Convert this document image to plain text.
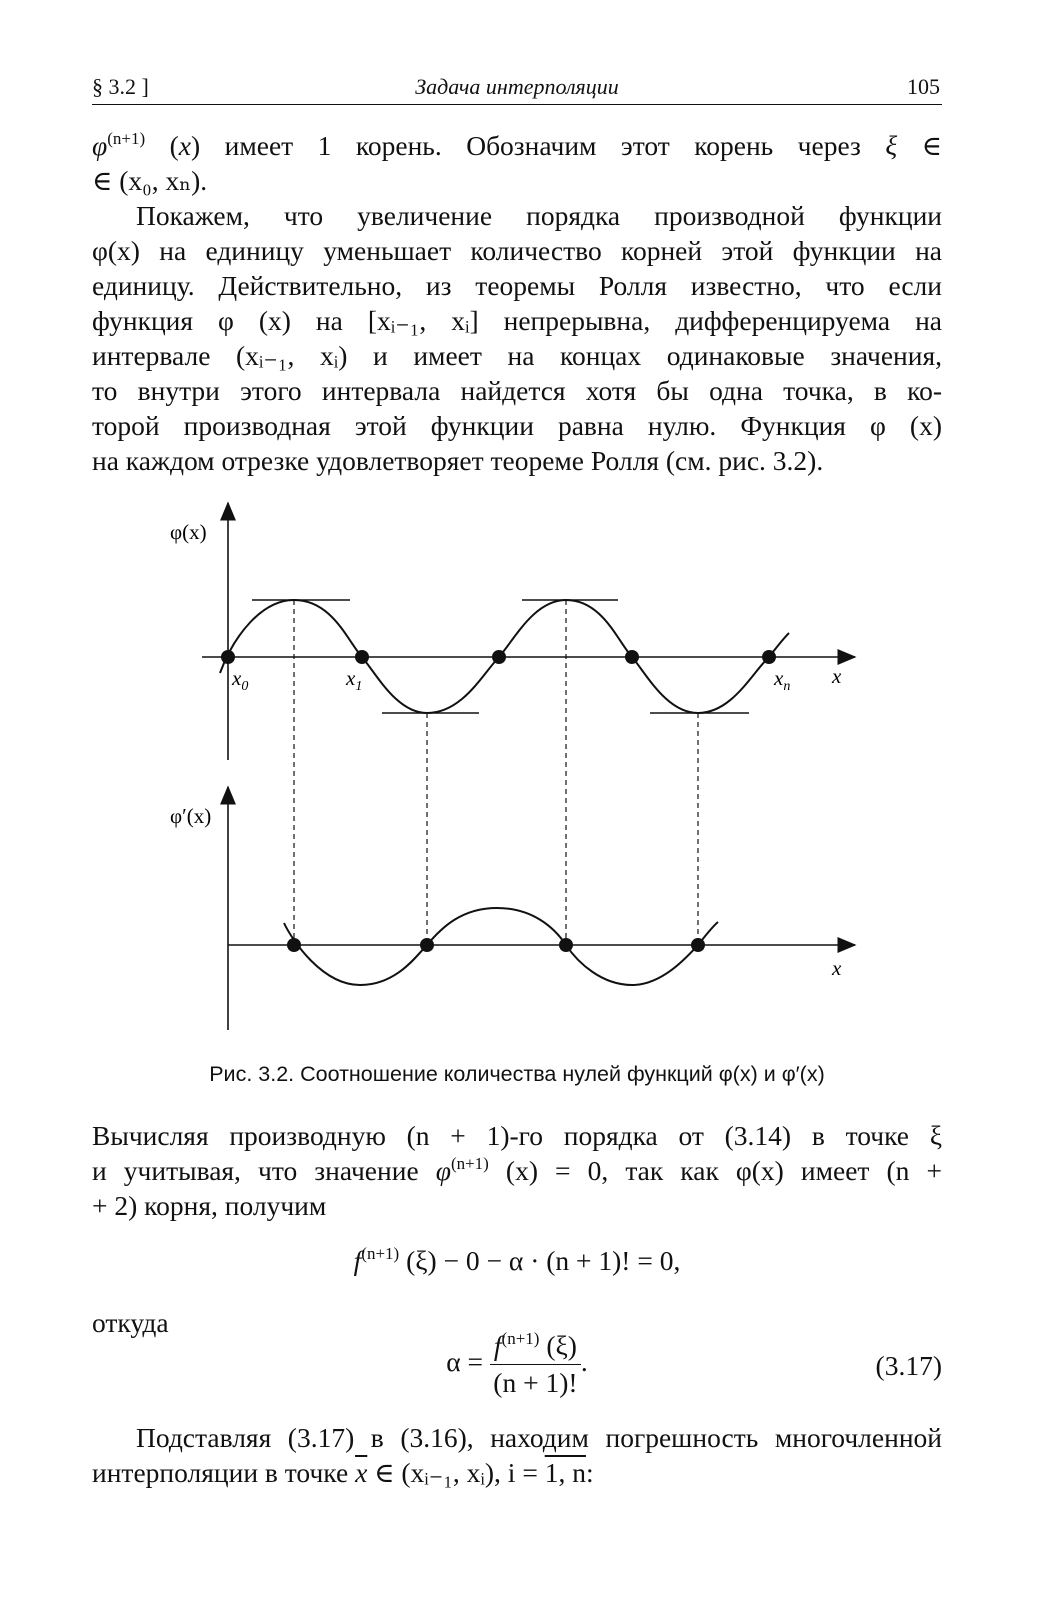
§ 3.2 ]	Задача интерполяции	105
$\varphi^{(n+1)}$ (x) имеет 1 корень. Обозначим этот корень через ξ ∈
∈ (x₀, xₙ).
Покажем, что увеличение порядка производной функции
φ(x) на единицу уменьшает количество корней этой функции на
единицу. Действительно, из теоремы Ролля известно, что если
функция φ (x) на [xᵢ₋₁, xᵢ] непрерывна, дифференцируема на
интервале (xᵢ₋₁, xᵢ) и имеет на концах одинаковые значения,
то внутри этого интервала найдется хотя бы одна точка, в ко-
торой производная этой функции равна нулю. Функция φ (x)
на каждом отрезке удовлетворяет теореме Ролля (см. рис. 3.2).
φ(x)
$x_0$	$x_1$	$x_n$ x
φ′(x)
x
Рис. 3.2. Соотношение количества нулей функций φ(x) и φ′(x)
Вычисляя производную (n + 1)-го порядка от (3.14) в точке ξ
и учитывая, что значение $\varphi^{(n+1)}$ (x) = 0, так как φ(x) имеет (n +
+ 2) корня, получим
$f^{(n+1)}$ (ξ) − 0 − α · (n + 1)! = 0,
откуда
$\alpha = \frac{f^{(n+1)} (\xi)}{(n + 1)!}$ .	(3.17)
Подставляя (3.17) в (3.16), находим погрешность многочленной
интерполяции в точке $\overline{x}$ ∈ (xᵢ₋₁, xᵢ), i = 1, n:
